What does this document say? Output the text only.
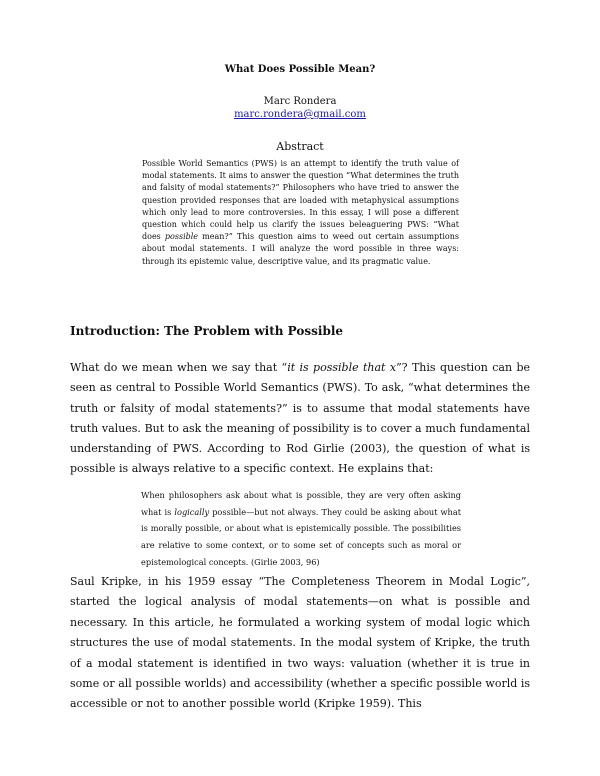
What Does Possible Mean?
Marc Rondera
marc.rondera@gmail.com
Abstract
Possible World Semantics (PWS) is an attempt to identify the truth value of modal statements. It aims to answer the question “What determines the truth and falsity of modal statements?” Philosophers who have tried to answer the question provided responses that are loaded with metaphysical assumptions which only lead to more controversies. In this essay, I will pose a different question which could help us clarify the issues beleaguering PWS: “What does possible mean?” This question aims to weed out certain assumptions about modal statements. I will analyze the word possible in three ways: through its epistemic value, descriptive value, and its pragmatic value.
Introduction: The Problem with Possible
What do we mean when we say that “it is possible that x”? This question can be seen as central to Possible World Semantics (PWS). To ask, “what determines the truth or falsity of modal statements?” is to assume that modal statements have truth values. But to ask the meaning of possibility is to cover a much fundamental understanding of PWS. According to Rod Girlie (2003), the question of what is possible is always relative to a specific context. He explains that:
When philosophers ask about what is possible, they are very often asking what is logically possible—but not always. They could be asking about what is morally possible, or about what is epistemically possible. The possibilities are relative to some context, or to some set of concepts such as moral or epistemological concepts. (Girlie 2003, 96)
Saul Kripke, in his 1959 essay “The Completeness Theorem in Modal Logic”, started the logical analysis of modal statements—on what is possible and necessary. In this article, he formulated a working system of modal logic which structures the use of modal statements. In the modal system of Kripke, the truth of a modal statement is identified in two ways: valuation (whether it is true in some or all possible worlds) and accessibility (whether a specific possible world is accessible or not to another possible world (Kripke 1959). This
